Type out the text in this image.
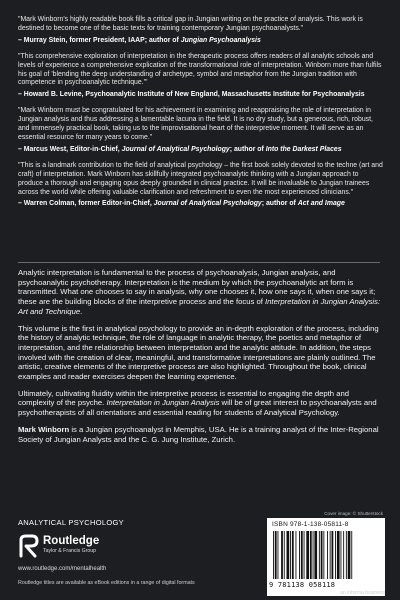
"Mark Winborn's highly readable book fills a critical gap in Jungian writing on the practice of analysis. This work is destined to become one of the basic texts for training contemporary Jungian psychoanalysts."
– Murray Stein, former President, IAAP; author of Jungian Psychoanalysis
"This comprehensive exploration of interpretation in the therapeutic process offers readers of all analytic schools and levels of experience a comprehensive explication of the transformational role of interpretation. Winborn more than fulfils his goal of 'blending the deep understanding of archetype, symbol and metaphor from the Jungian tradition with competence in psychoanalytic technique.'"
– Howard B. Levine, Psychoanalytic Institute of New England, Massachusetts Institute for Psychoanalysis
"Mark Winborn must be congratulated for his achievement in examining and reappraising the role of interpretation in Jungian analysis and thus addressing a lamentable lacuna in the field. It is no dry study, but a generous, rich, robust, and immensely practical book, taking us to the improvisational heart of the interpretive moment. It will serve as an essential resource for many years to come."
– Marcus West, Editor-in-Chief, Journal of Analytical Psychology; author of Into the Darkest Places
"This is a landmark contribution to the field of analytical psychology – the first book solely devoted to the techne (art and craft) of interpretation. Mark Winborn has skillfully integrated psychoanalytic thinking with a Jungian approach to produce a thorough and engaging opus deeply grounded in clinical practice. It will be invaluable to Jungian trainees across the world while offering valuable clarification and refreshment to even the most experienced clinicians."
– Warren Colman, former Editor-in-Chief, Journal of Analytical Psychology; author of Act and Image

Analytic interpretation is fundamental to the process of psychoanalysis, Jungian analysis, and psychoanalytic psychotherapy. Interpretation is the medium by which the psychoanalytic art form is transmitted. What one chooses to say in analysis, why one chooses it, how one says it, when one says it; these are the building blocks of the interpretive process and the focus of Interpretation in Jungian Analysis: Art and Technique.

This volume is the first in analytical psychology to provide an in-depth exploration of the process, including the history of analytic technique, the role of language in analytic therapy, the poetics and metaphor of interpretation, and the relationship between interpretation and the analytic attitude. In addition, the steps involved with the creation of clear, meaningful, and transformative interpretations are plainly outlined. The artistic, creative elements of the interpretive process are also highlighted. Throughout the book, clinical examples and reader exercises deepen the learning experience.

Ultimately, cultivating fluidity within the interpretive process is essential to engaging the depth and complexity of the psyche. Interpretation in Jungian Analysis will be of great interest to psychoanalysts and psychotherapists of all orientations and essential reading for students of Analytical Psychology.

Mark Winborn is a Jungian psychoanalyst in Memphis, USA. He is a training analyst of the Inter-Regional Society of Jungian Analysts and the C. G. Jung Institute, Zurich.

ANALYTICAL PSYCHOLOGY
Cover image: © Shutterstock
Routledge
Taylor & Francis Group
www.routledge.com/mentalhealth
Routledge titles are available as eBook editions in a range of digital formats
ISBN 978-1-138-05811-8
9 781138 058118
an informa business
